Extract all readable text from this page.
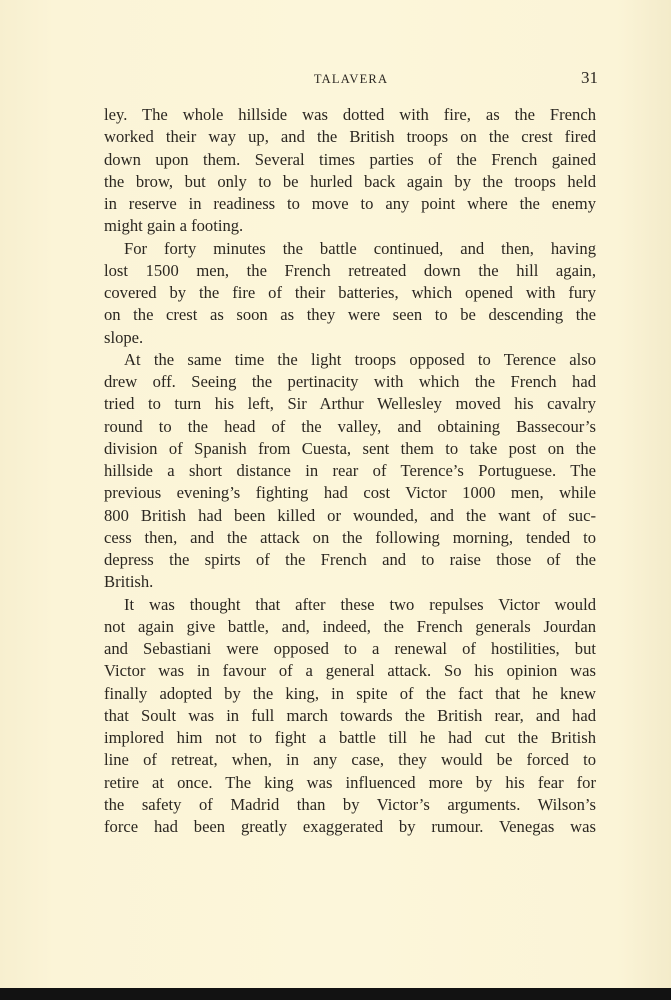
TALAVERA	31
ley. The whole hillside was dotted with fire, as the French
worked their way up, and the British troops on the crest fired
down upon them. Several times parties of the French gained
the brow, but only to be hurled back again by the troops held
in reserve in readiness to move to any point where the enemy
might gain a footing.
For forty minutes the battle continued, and then, having
lost 1500 men, the French retreated down the hill again,
covered by the fire of their batteries, which opened with fury
on the crest as soon as they were seen to be descending the
slope.
At the same time the light troops opposed to Terence also
drew off. Seeing the pertinacity with which the French had
tried to turn his left, Sir Arthur Wellesley moved his cavalry
round to the head of the valley, and obtaining Bassecour’s
division of Spanish from Cuesta, sent them to take post on the
hillside a short distance in rear of Terence’s Portuguese. The
previous evening’s fighting had cost Victor 1000 men, while
800 British had been killed or wounded, and the want of suc-
cess then, and the attack on the following morning, tended to
depress the spirts of the French and to raise those of the
British.
It was thought that after these two repulses Victor would
not again give battle, and, indeed, the French generals Jourdan
and Sebastiani were opposed to a renewal of hostilities, but
Victor was in favour of a general attack. So his opinion was
finally adopted by the king, in spite of the fact that he knew
that Soult was in full march towards the British rear, and had
implored him not to fight a battle till he had cut the British
line of retreat, when, in any case, they would be forced to
retire at once. The king was influenced more by his fear for
the safety of Madrid than by Victor’s arguments. Wilson’s
force had been greatly exaggerated by rumour. Venegas was
